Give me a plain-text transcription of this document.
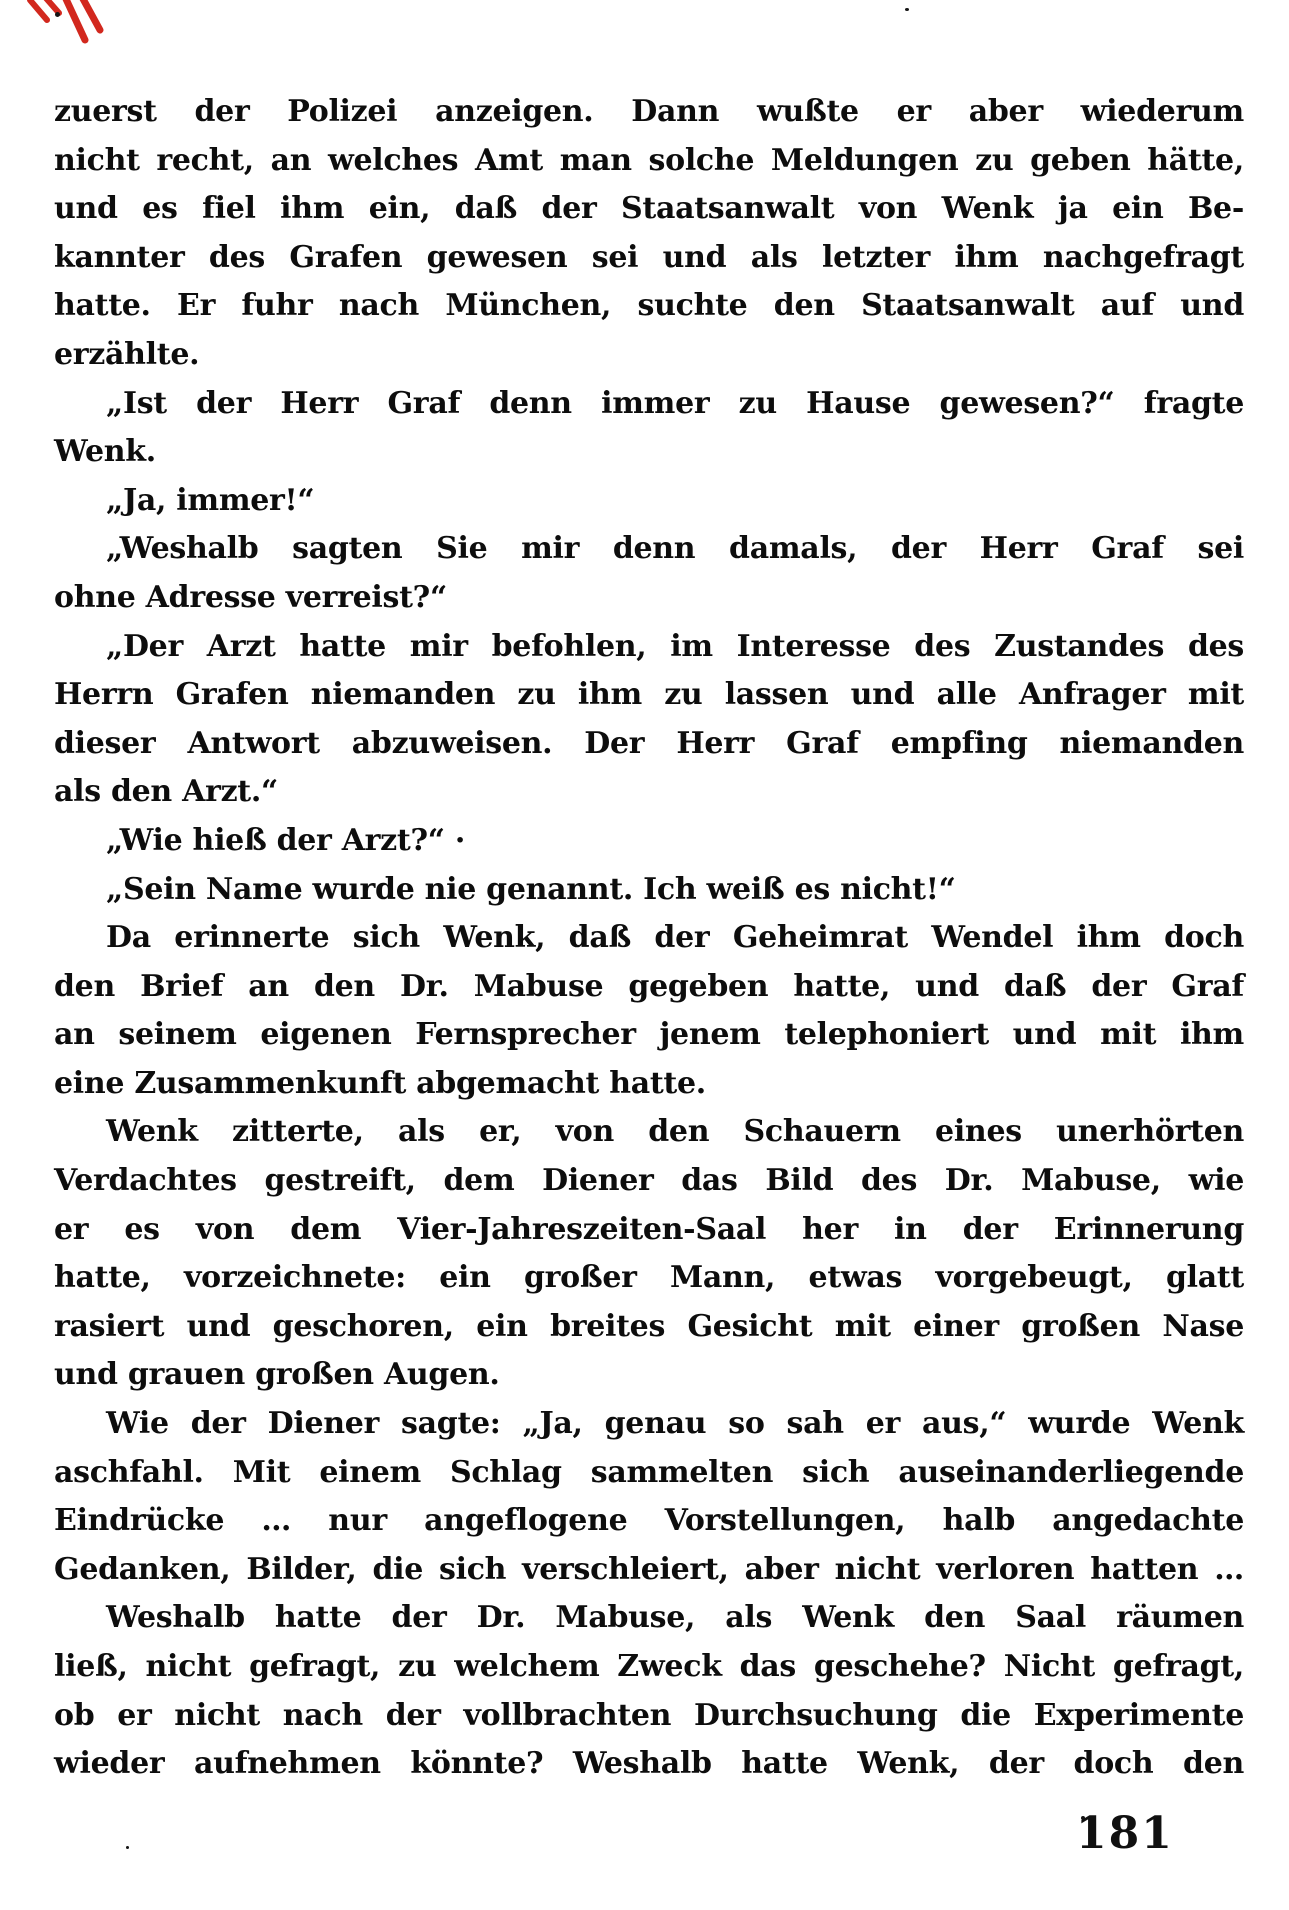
zuerst der Polizei anzeigen. Dann wußte er aber wiederum
nicht recht, an welches Amt man solche Meldungen zu geben hätte,
und es fiel ihm ein, daß der Staatsanwalt von Wenk ja ein Be-
kannter des Grafen gewesen sei und als letzter ihm nachgefragt
hatte. Er fuhr nach München, suchte den Staatsanwalt auf und
erzählte.
„Ist der Herr Graf denn immer zu Hause gewesen?“ fragte
Wenk.
„Ja, immer!“
„Weshalb sagten Sie mir denn damals, der Herr Graf sei
ohne Adresse verreist?“
„Der Arzt hatte mir befohlen, im Interesse des Zustandes des
Herrn Grafen niemanden zu ihm zu lassen und alle Anfrager mit
dieser Antwort abzuweisen. Der Herr Graf empfing niemanden
als den Arzt.“
„Wie hieß der Arzt?“ ·
„Sein Name wurde nie genannt. Ich weiß es nicht!“
Da erinnerte sich Wenk, daß der Geheimrat Wendel ihm doch
den Brief an den Dr. Mabuse gegeben hatte, und daß der Graf
an seinem eigenen Fernsprecher jenem telephoniert und mit ihm
eine Zusammenkunft abgemacht hatte.
Wenk zitterte, als er, von den Schauern eines unerhörten
Verdachtes gestreift, dem Diener das Bild des Dr. Mabuse, wie
er es von dem Vier-Jahreszeiten-Saal her in der Erinnerung
hatte, vorzeichnete: ein großer Mann, etwas vorgebeugt, glatt
rasiert und geschoren, ein breites Gesicht mit einer großen Nase
und grauen großen Augen.
Wie der Diener sagte: „Ja, genau so sah er aus,“ wurde Wenk
aschfahl. Mit einem Schlag sammelten sich auseinanderliegende
Eindrücke … nur angeflogene Vorstellungen, halb angedachte
Gedanken, Bilder, die sich verschleiert, aber nicht verloren hatten …
Weshalb hatte der Dr. Mabuse, als Wenk den Saal räumen
ließ, nicht gefragt, zu welchem Zweck das geschehe? Nicht gefragt,
ob er nicht nach der vollbrachten Durchsuchung die Experimente
wieder aufnehmen könnte? Weshalb hatte Wenk, der doch den
181
